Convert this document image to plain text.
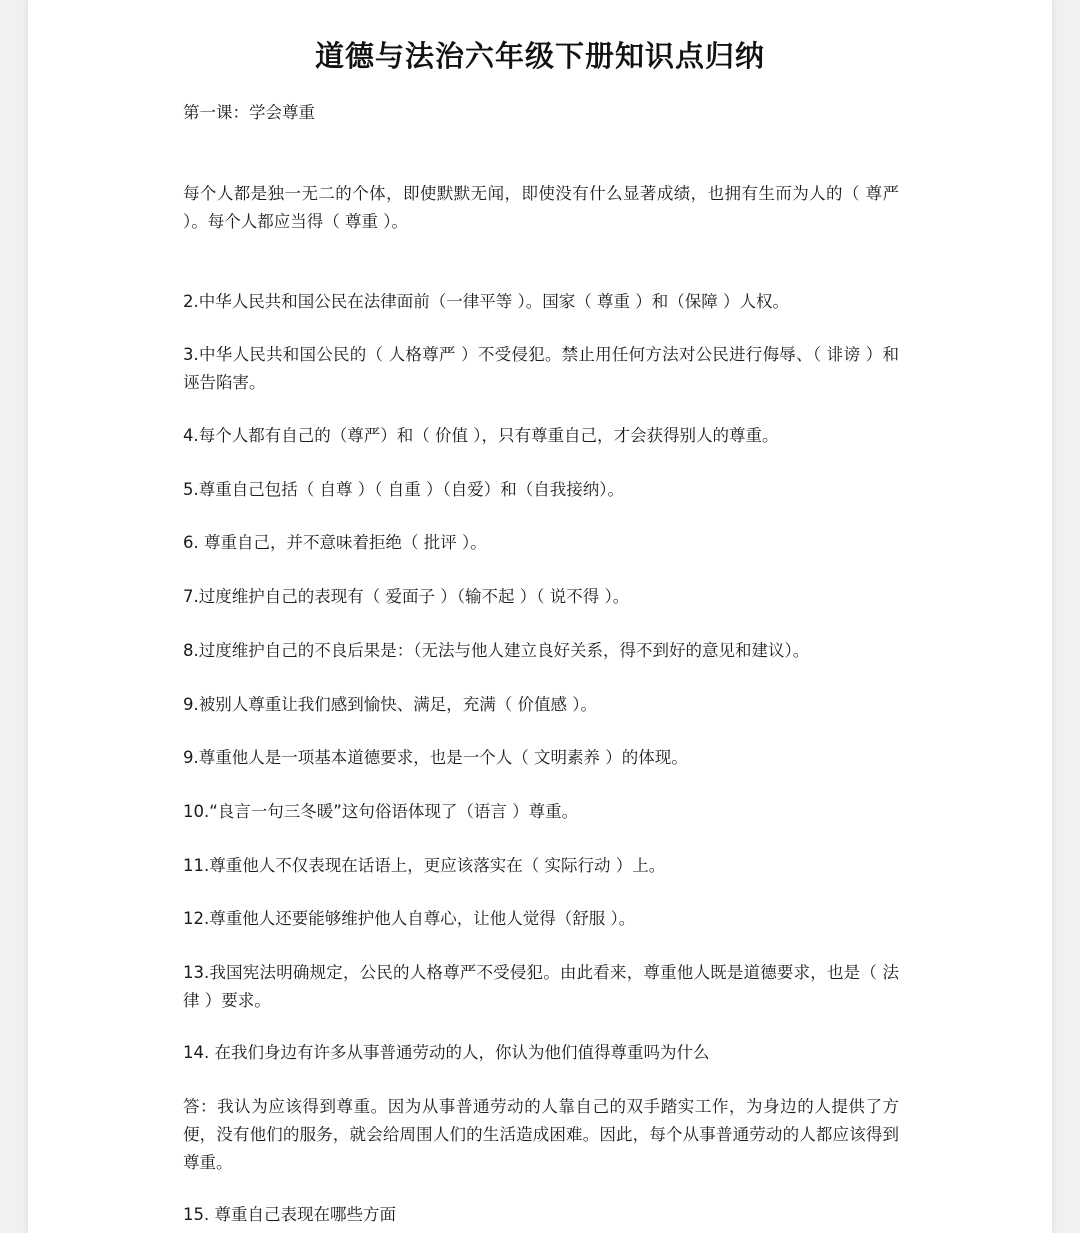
道德与法治六年级下册知识点归纳
第一课：学会尊重
每个人都是独一无二的个体，即使默默无闻，即使没有什么显著成绩，也拥有生而为人的（ 尊严 ）。每个人都应当得（ 尊重 ）。
2.中华人民共和国公民在法律面前（一律平等 ）。国家（ 尊重 ）和（保障 ）人权。
3.中华人民共和国公民的（ 人格尊严 ）不受侵犯。禁止用任何方法对公民进行侮辱、（ 诽谤 ）和诬告陷害。
4.每个人都有自己的（尊严）和（ 价值 ），只有尊重自己，才会获得别人的尊重。
5.尊重自己包括（ 自尊 ）（ 自重 ）（自爱）和（自我接纳）。
6. 尊重自己，并不意味着拒绝（ 批评 ）。
7.过度维护自己的表现有（ 爱面子 ）（输不起 ）（ 说不得 ）。
8.过度维护自己的不良后果是：（无法与他人建立良好关系，得不到好的意见和建议）。
9.被别人尊重让我们感到愉快、满足，充满（ 价值感 ）。
9.尊重他人是一项基本道德要求，也是一个人（ 文明素养 ）的体现。
10.“良言一句三冬暖”这句俗语体现了（语言 ）尊重。
11.尊重他人不仅表现在话语上，更应该落实在（ 实际行动 ）上。
12.尊重他人还要能够维护他人自尊心，让他人觉得（舒服 ）。
13.我国宪法明确规定，公民的人格尊严不受侵犯。由此看来，尊重他人既是道德要求，也是（ 法律 ）要求。
14. 在我们身边有许多从事普通劳动的人，你认为他们值得尊重吗为什么
答：我认为应该得到尊重。因为从事普通劳动的人靠自己的双手踏实工作，为身边的人提供了方便，没有他们的服务，就会给周围人们的生活造成困难。因此，每个从事普通劳动的人都应该得到尊重。
15. 尊重自己表现在哪些方面
